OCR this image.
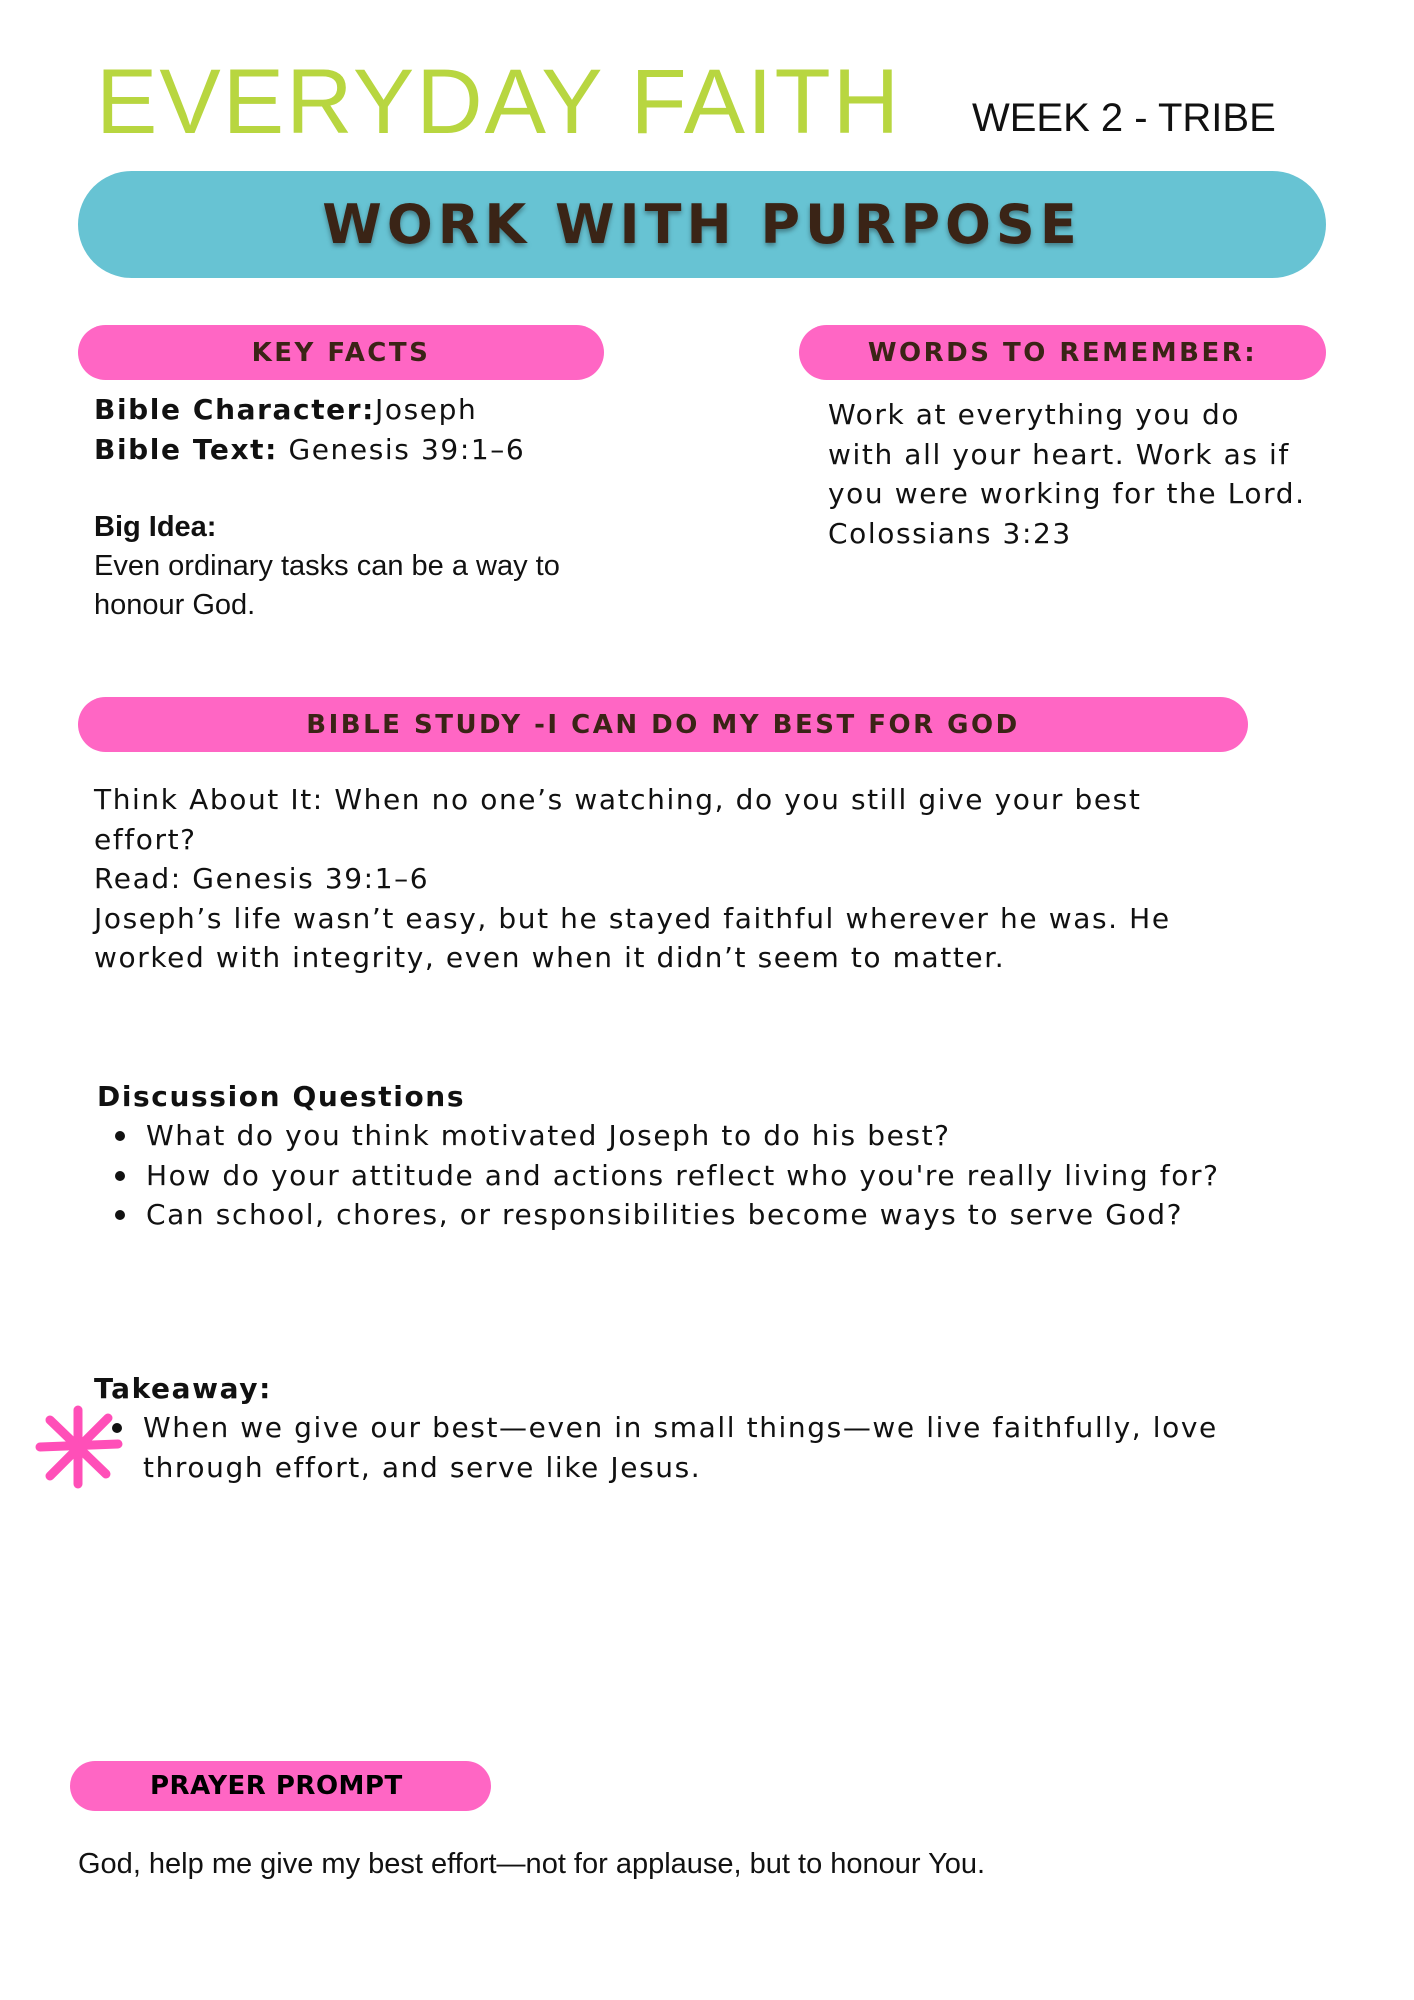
EVERYDAY FAITH WEEK 2 - TRIBE
WORK WITH PURPOSE
KEY FACTS
Bible Character:Joseph
Bible Text: Genesis 39:1–6
Big Idea:
Even ordinary tasks can be a way to
honour God.
WORDS TO REMEMBER:
Work at everything you do
with all your heart. Work as if
you were working for the Lord.
Colossians 3:23
BIBLE STUDY -I CAN DO MY BEST FOR GOD
Think About It: When no one’s watching, do you still give your best
effort?
Read: Genesis 39:1–6
Joseph’s life wasn’t easy, but he stayed faithful wherever he was. He
worked with integrity, even when it didn’t seem to matter.
Discussion Questions
What do you think motivated Joseph to do his best?
How do your attitude and actions reflect who you're really living for?
Can school, chores, or responsibilities become ways to serve God?
Takeaway:
When we give our best—even in small things—we live faithfully, love
through effort, and serve like Jesus.
PRAYER PROMPT
God, help me give my best effort—not for applause, but to honour You.
